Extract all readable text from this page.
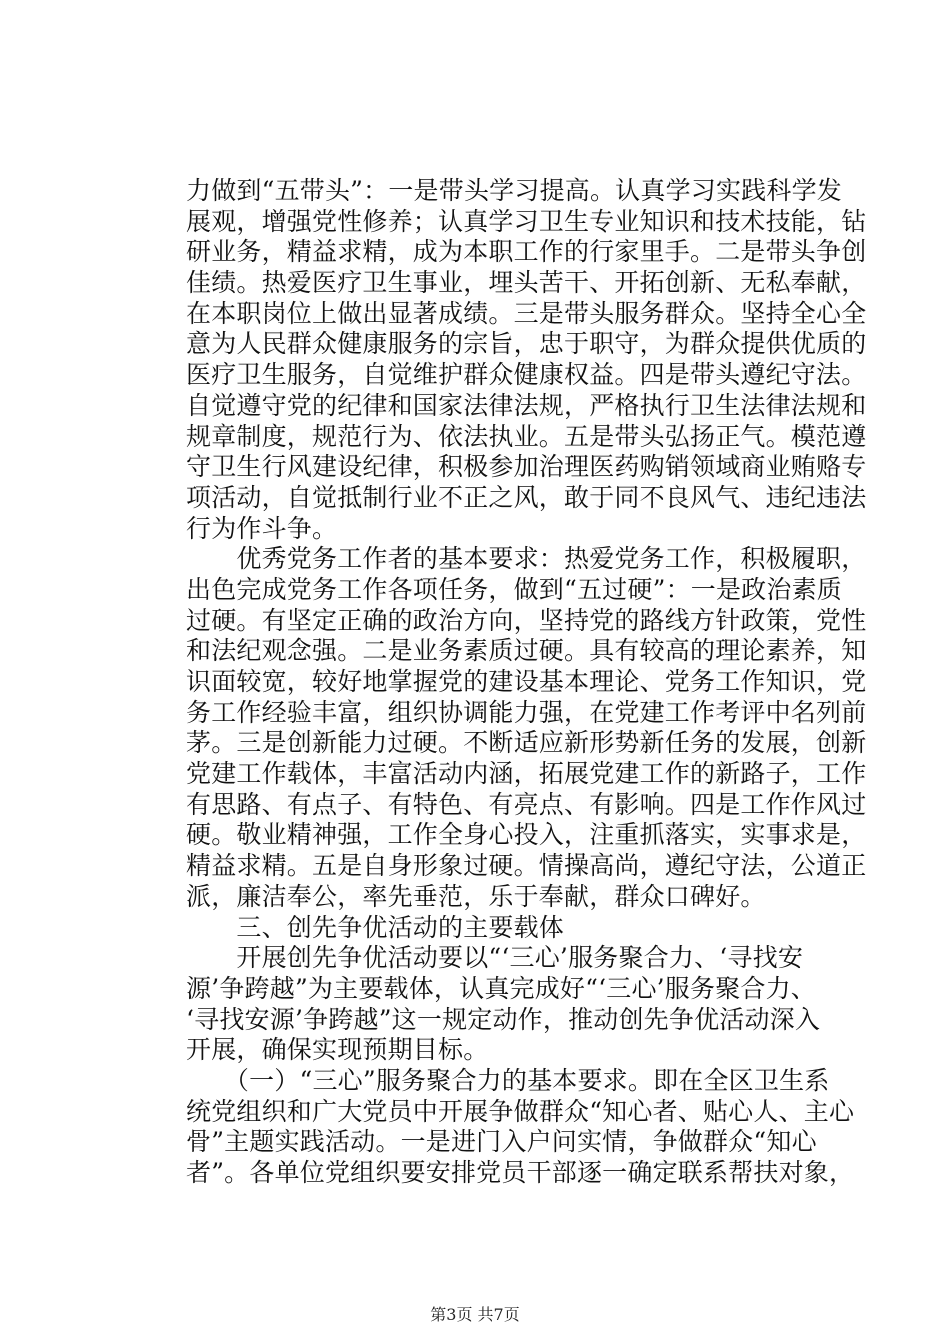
力做到“五带头”：一是带头学习提高。认真学习实践科学发
展观，增强党性修养；认真学习卫生专业知识和技术技能，钻
研业务，精益求精，成为本职工作的行家里手。二是带头争创
佳绩。热爱医疗卫生事业，埋头苦干、开拓创新、无私奉献，
在本职岗位上做出显著成绩。三是带头服务群众。坚持全心全
意为人民群众健康服务的宗旨，忠于职守，为群众提供优质的
医疗卫生服务，自觉维护群众健康权益。四是带头遵纪守法。
自觉遵守党的纪律和国家法律法规，严格执行卫生法律法规和
规章制度，规范行为、依法执业。五是带头弘扬正气。模范遵
守卫生行风建设纪律，积极参加治理医药购销领域商业贿赂专
项活动，自觉抵制行业不正之风，敢于同不良风气、违纪违法
行为作斗争。
　　优秀党务工作者的基本要求：热爱党务工作，积极履职，
出色完成党务工作各项任务，做到“五过硬”：一是政治素质
过硬。有坚定正确的政治方向，坚持党的路线方针政策，党性
和法纪观念强。二是业务素质过硬。具有较高的理论素养，知
识面较宽，较好地掌握党的建设基本理论、党务工作知识，党
务工作经验丰富，组织协调能力强，在党建工作考评中名列前
茅。三是创新能力过硬。不断适应新形势新任务的发展，创新
党建工作载体，丰富活动内涵，拓展党建工作的新路子，工作
有思路、有点子、有特色、有亮点、有影响。四是工作作风过
硬。敬业精神强，工作全身心投入，注重抓落实，实事求是，
精益求精。五是自身形象过硬。情操高尚，遵纪守法，公道正
派，廉洁奉公，率先垂范，乐于奉献，群众口碑好。
　　三、创先争优活动的主要载体
　　开展创先争优活动要以“‘三心’服务聚合力、‘寻找安
源’争跨越”为主要载体，认真完成好“‘三心’服务聚合力、
‘寻找安源’争跨越”这一规定动作，推动创先争优活动深入
开展，确保实现预期目标。
　　（一）“三心”服务聚合力的基本要求。即在全区卫生系
统党组织和广大党员中开展争做群众“知心者、贴心人、主心
骨”主题实践活动。一是进门入户问实情，争做群众“知心
者”。各单位党组织要安排党员干部逐一确定联系帮扶对象，
第3页 共7页
